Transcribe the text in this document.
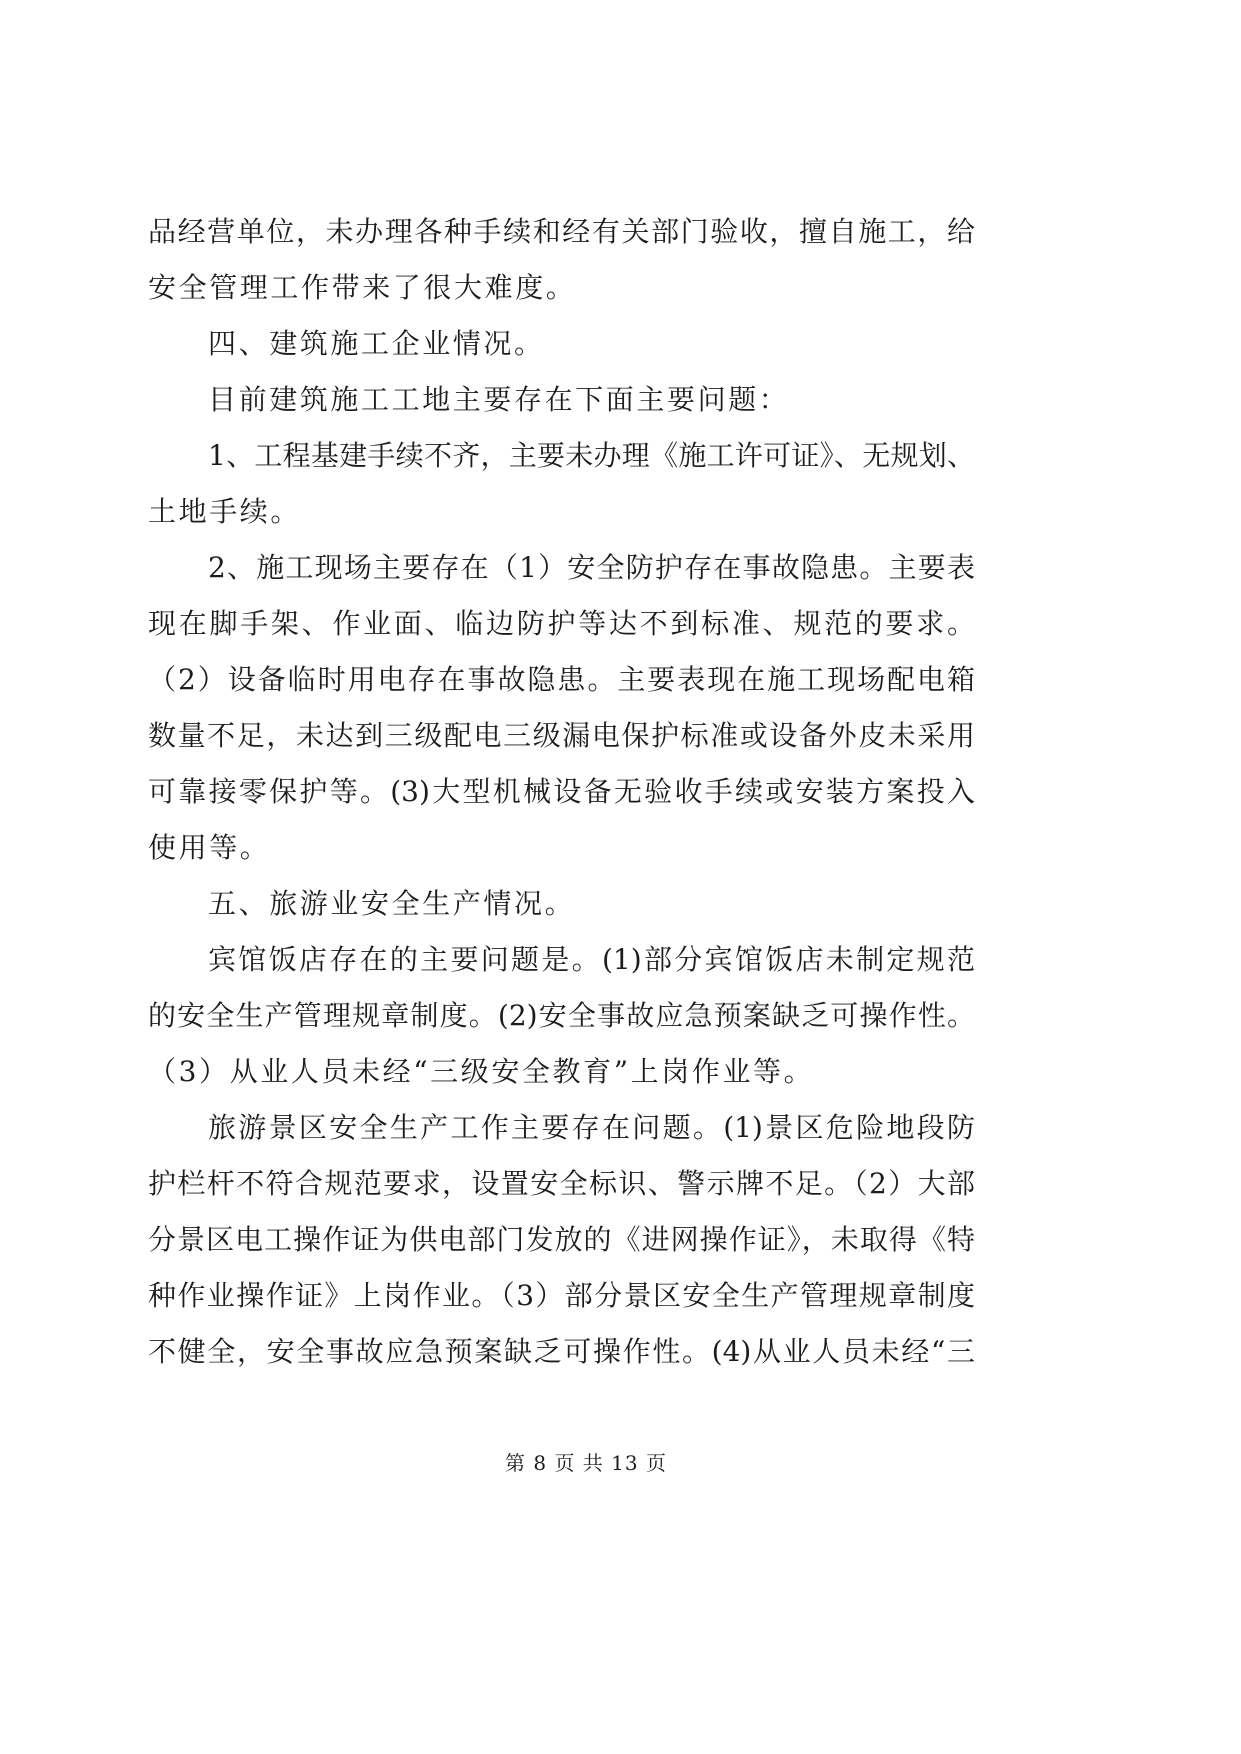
品经营单位，未办理各种手续和经有关部门验收，擅自施工，给
安全管理工作带来了很大难度。
四、建筑施工企业情况。
目前建筑施工工地主要存在下面主要问题：
1、工程基建手续不齐，主要未办理《施工许可证》、无规划、
土地手续。
2、施工现场主要存在（1）安全防护存在事故隐患。主要表
现在脚手架、作业面、临边防护等达不到标准、规范的要求。
（2）设备临时用电存在事故隐患。主要表现在施工现场配电箱
数量不足，未达到三级配电三级漏电保护标准或设备外皮未采用
可靠接零保护等。(3)大型机械设备无验收手续或安装方案投入
使用等。
五、旅游业安全生产情况。
宾馆饭店存在的主要问题是。(1)部分宾馆饭店未制定规范
的安全生产管理规章制度。(2)安全事故应急预案缺乏可操作性。
（3）从业人员未经“三级安全教育”上岗作业等。
旅游景区安全生产工作主要存在问题。(1)景区危险地段防
护栏杆不符合规范要求，设置安全标识、警示牌不足。（2）大部
分景区电工操作证为供电部门发放的《进网操作证》，未取得《特
种作业操作证》上岗作业。（3）部分景区安全生产管理规章制度
不健全，安全事故应急预案缺乏可操作性。(4)从业人员未经“三
第 8 页 共 13 页
